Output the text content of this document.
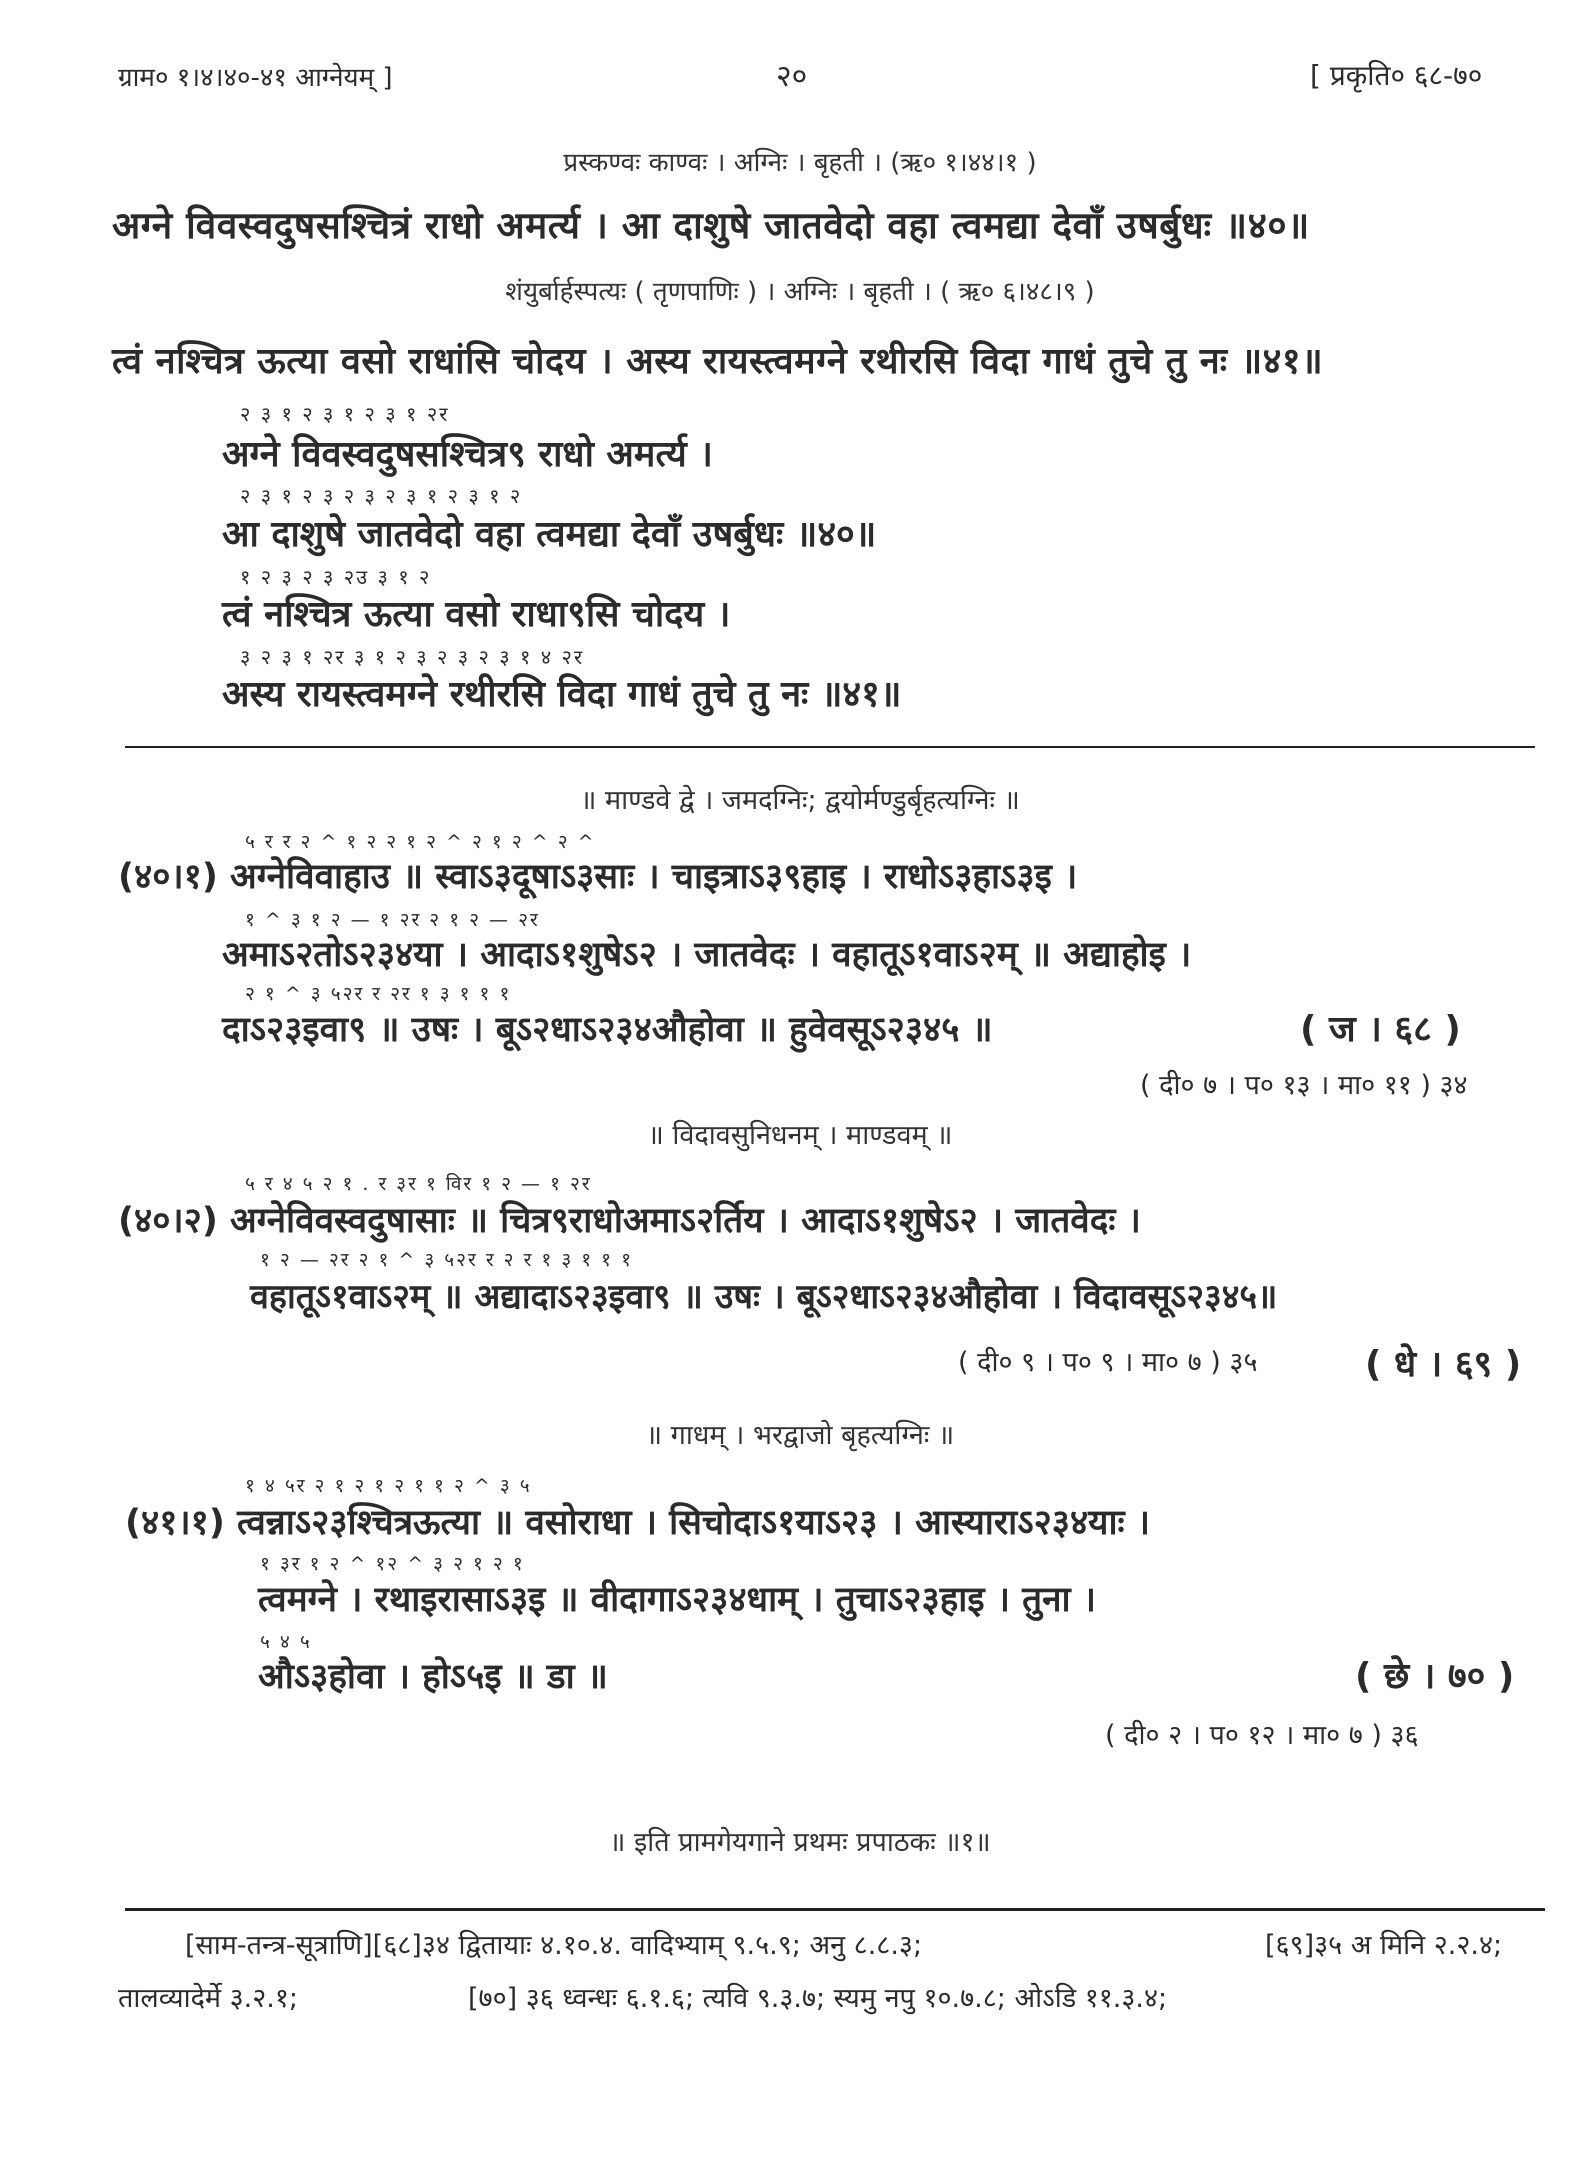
ग्राम० १।४।४०-४१ आग्नेयम् ]	२०	[ प्रकृति० ६८-७०
प्रस्कण्वः काण्वः । अग्निः । बृहती । (ऋ० १।४४।१ )
अग्ने विवस्वदुषसश्चित्रं राधो अमर्त्य । आ दाशुषे जातवेदो वहा त्वमद्या देवाँ उषर्बुधः ॥४०॥
शंयुर्बार्हस्पत्यः ( तृणपाणिः ) । अग्निः । बृहती । ( ऋ० ६।४८।९ )
त्वं नश्चित्र ऊत्या वसो राधांसि चोदय । अस्य रायस्त्वमग्ने रथीरसि विदा गाधं तुचे तु नः ॥४१॥
२ ३ १ २ ३ १ २ ३ १ २र
अग्ने विवस्वदुषसश्चित्र९ राधो अमर्त्य ।
२ ३ १ २ ३ २ ३ २ ३ १ २ ३ १ २
आ दाशुषे जातवेदो वहा त्वमद्या देवाँ उषर्बुधः ॥४०॥
१ २ ३ २ ३ २उ ३ १ २
त्वं नश्चित्र ऊत्या वसो राधा९सि चोदय ।
३ २ ३ १ २र ३ १ २ ३ २ ३ २ ३ १ ४ २र
अस्य रायस्त्वमग्ने रथीरसि विदा गाधं तुचे तु नः ॥४१॥
॥ माण्डवे द्वे । जमदग्निः; द्वयोर्मण्डुर्बृहत्यग्निः ॥
५ र र २ ^ १ २ २ १ २ ^ २ १ २ ^ २ ^
(४०।१) अग्नेविवाहाउ ॥ स्वाऽ३दूषाऽ३साः । चाइत्राऽ३९हाइ । राधोऽ३हाऽ३इ ।
१ ^ ३ १ २ — १ २र २ १ २ — २र
अमाऽ२तोऽ२३४या । आदाऽ१शुषेऽ२ । जातवेदः । वहातूऽ१वाऽ२म् ॥ अद्याहोइ ।
२ १ ^ ३ ५२र र २र १ ३ १ १ १
दाऽ२३इवा९ ॥ उषः । बूऽ२धाऽ२३४औहोवा ॥ हुवेवसूऽ२३४५ ॥	( ज । ६८ )
( दी० ७ । प० १३ । मा० ११ ) ३४
॥ विदावसुनिधनम् । माण्डवम् ॥
५ र ४ ५ २ १ . र ३र १ विर १ २ — १ २र
(४०।२) अग्नेविवस्वदुषासाः ॥ चित्र९राधोअमाऽ२र्तिय । आदाऽ१शुषेऽ२ । जातवेदः ।
१ २ — २र २ १ ^ ३ ५२र र २ र १ ३ १ १ १
वहातूऽ१वाऽ२म् ॥ अद्यादाऽ२३इवा९ ॥ उषः । बूऽ२धाऽ२३४औहोवा । विदावसूऽ२३४५॥
( दी० ९ । प० ९ । मा० ७ ) ३५	( धे । ६९ )
॥ गाधम् । भरद्वाजो बृहत्यग्निः ॥
१ ४ ५र २ १ २ १ २ १ १ २ ^ ३ ५
(४१।१) त्वन्नाऽ२३श्चित्रऊत्या ॥ वसोराधा । सिचोदाऽ१याऽ२३ । आस्याराऽ२३४याः ।
१ ३र १ २ ^ १२ ^ ३ २ १ २ १
त्वमग्ने । रथाइरासाऽ३इ ॥ वीदागाऽ२३४धाम् । तुचाऽ२३हाइ । तुना ।
५ ४ ५
औऽ३होवा । होऽ५इ ॥ डा ॥	( छे । ७० )
( दी० २ । प० १२ । मा० ७ ) ३६
॥ इति प्रामगेयगाने प्रथमः प्रपाठकः ॥१॥
[साम-तन्त्र-सूत्राणि][६८]३४ द्वितायाः ४.१०.४. वादिभ्याम् ९.५.९; अनु ८.८.३;	[६९]३५ अ मिनि २.२.४;
तालव्यादेर्मे ३.२.१;	[७०] ३६ ध्वन्धः ६.१.६; त्यवि ९.३.७; स्यमु नपु १०.७.८; ओऽडि ११.३.४;
